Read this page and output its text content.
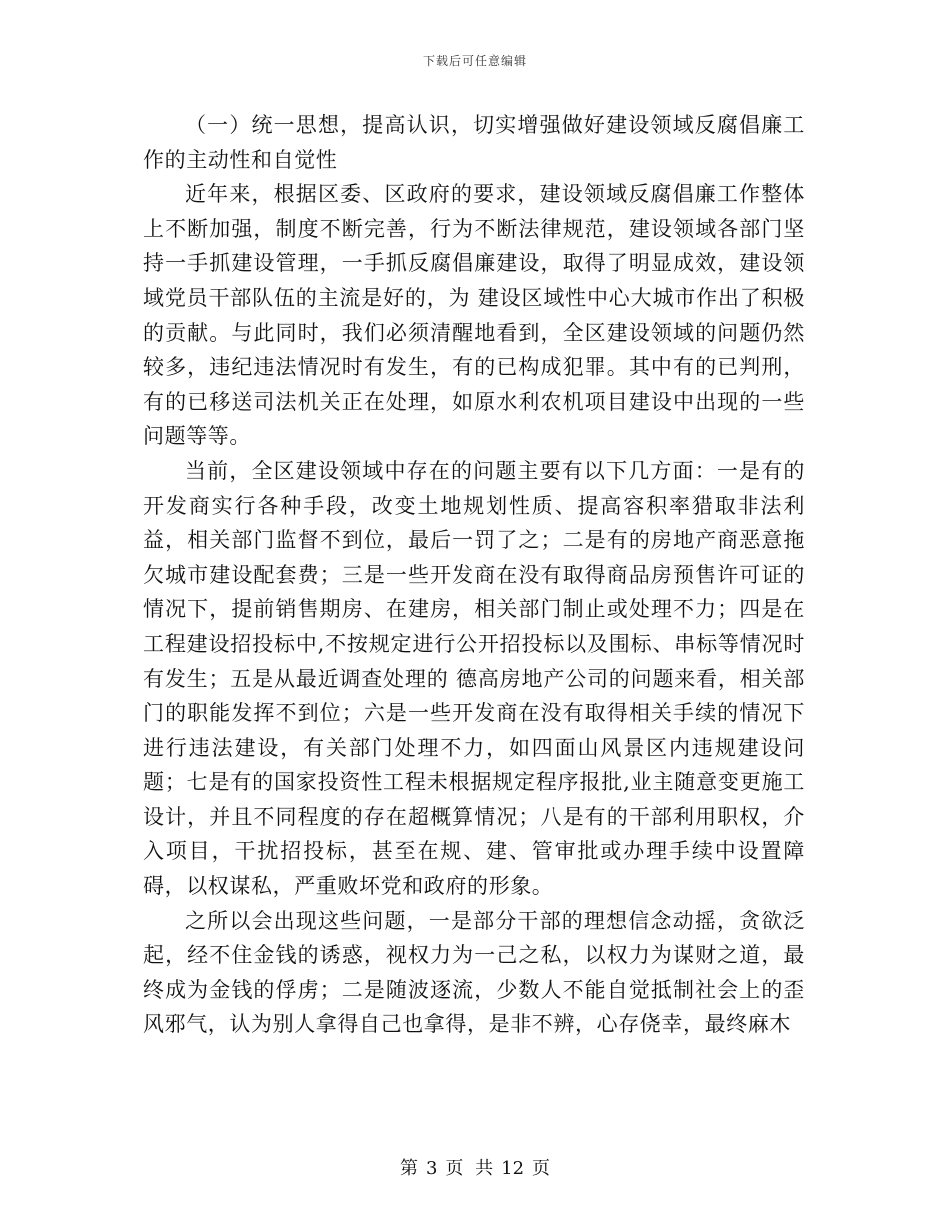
下载后可任意编辑

（一）统一思想，提高认识，切实增强做好建设领域反腐倡廉工作的主动性和自觉性

近年来，根据区委、区政府的要求，建设领域反腐倡廉工作整体上不断加强，制度不断完善，行为不断法律规范，建设领域各部门坚持一手抓建设管理，一手抓反腐倡廉建设，取得了明显成效，建设领域党员干部队伍的主流是好的，为 建设区域性中心大城市作出了积极的贡献。与此同时，我们必须清醒地看到，全区建设领域的问题仍然较多，违纪违法情况时有发生，有的已构成犯罪。其中有的已判刑，有的已移送司法机关正在处理，如原水利农机项目建设中出现的一些问题等等。

当前，全区建设领域中存在的问题主要有以下几方面：一是有的开发商实行各种手段，改变土地规划性质、提高容积率猎取非法利益，相关部门监督不到位，最后一罚了之；二是有的房地产商恶意拖欠城市建设配套费；三是一些开发商在没有取得商品房预售许可证的情况下，提前销售期房、在建房，相关部门制止或处理不力；四是在工程建设招投标中,不按规定进行公开招投标以及围标、串标等情况时有发生；五是从最近调查处理的 德高房地产公司的问题来看，相关部门的职能发挥不到位；六是一些开发商在没有取得相关手续的情况下进行违法建设，有关部门处理不力，如四面山风景区内违规建设问题；七是有的国家投资性工程未根据规定程序报批,业主随意变更施工设计，并且不同程度的存在超概算情况；八是有的干部利用职权，介入项目，干扰招投标，甚至在规、建、管审批或办理手续中设置障碍，以权谋私，严重败坏党和政府的形象。

之所以会出现这些问题，一是部分干部的理想信念动摇，贪欲泛起，经不住金钱的诱惑，视权力为一己之私，以权力为谋财之道，最终成为金钱的俘虏；二是随波逐流，少数人不能自觉抵制社会上的歪风邪气，认为别人拿得自己也拿得，是非不辨，心存侥幸，最终麻木

第 3 页 共 12 页
